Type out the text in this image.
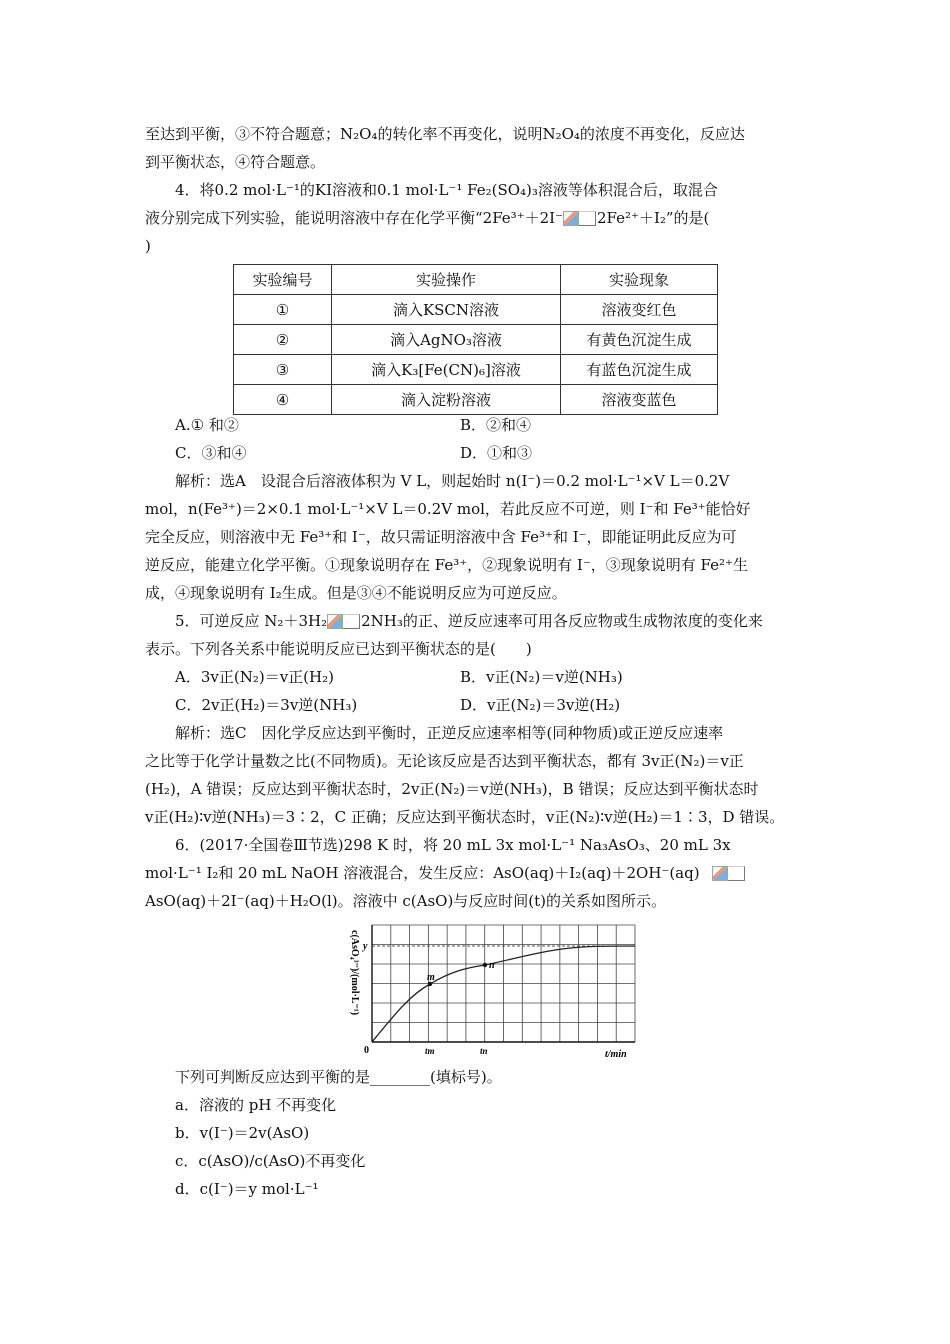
至达到平衡，③不符合题意；N₂O₄的转化率不再变化，说明N₂O₄的浓度不再变化，反应达
到平衡状态，④符合题意。
4．将0.2 mol·L⁻¹的KI溶液和0.1 mol·L⁻¹ Fe₂(SO₄)₃溶液等体积混合后，取混合
液分别完成下列实验，能说明溶液中存在化学平衡“2Fe³⁺＋2I⁻ 2Fe²⁺＋I₂”的是(
)
实验编号	实验操作	实验现象
①	滴入KSCN溶液	溶液变红色
②	滴入AgNO₃溶液	有黄色沉淀生成
③	滴入K₃[Fe(CN)₆]溶液	有蓝色沉淀生成
④	滴入淀粉溶液	溶液变蓝色
A.① 和②	B．②和④
C．③和④	D．①和③
解析：选A　设混合后溶液体积为 V L，则起始时 n(I⁻)＝0.2 mol·L⁻¹×V L＝0.2V
mol，n(Fe³⁺)＝2×0.1 mol·L⁻¹×V L＝0.2V mol，若此反应不可逆，则 I⁻和 Fe³⁺能恰好
完全反应，则溶液中无 Fe³⁺和 I⁻，故只需证明溶液中含 Fe³⁺和 I⁻，即能证明此反应为可
逆反应，能建立化学平衡。①现象说明存在 Fe³⁺，②现象说明有 I⁻，③现象说明有 Fe²⁺生
成，④现象说明有 I₂生成。但是③④不能说明反应为可逆反应。
5．可逆反应 N₂＋3H₂ 2NH₃的正、逆反应速率可用各反应物或生成物浓度的变化来
表示。下列各关系中能说明反应已达到平衡状态的是(　　)
A．3v正(N₂)＝v正(H₂)	B．v正(N₂)＝v逆(NH₃)
C．2v正(H₂)＝3v逆(NH₃)	D．v正(N₂)＝3v逆(H₂)
解析：选C　因化学反应达到平衡时，正逆反应速率相等(同种物质)或正逆反应速率
之比等于化学计量数之比(不同物质)。无论该反应是否达到平衡状态，都有 3v正(N₂)＝v正
(H₂)，A 错误；反应达到平衡状态时，2v正(N₂)＝v逆(NH₃)，B 错误；反应达到平衡状态时
v正(H₂)∶v逆(NH₃)＝3∶2，C 正确；反应达到平衡状态时，v正(N₂)∶v逆(H₂)＝1∶3，D 错误。
6．(2017·全国卷Ⅲ节选)298 K 时，将 20 mL 3x mol·L⁻¹ Na₃AsO₃、20 mL 3x
mol·L⁻¹ I₂和 20 mL NaOH 溶液混合，发生反应：AsO(aq)＋I₂(aq)＋2OH⁻(aq)
AsO(aq)＋2I⁻(aq)＋H₂O(l)。溶液中 c(AsO)与反应时间(t)的关系如图所示。
m
n
y
0	tm	tn	t/min
c(AsO₄³⁻)/(mol·L⁻¹)
下列可判断反应达到平衡的是________(填标号)。
a．溶液的 pH 不再变化
b．v(I⁻)＝2v(AsO)
c．c(AsO)/c(AsO)不再变化
d．c(I⁻)＝y mol·L⁻¹
